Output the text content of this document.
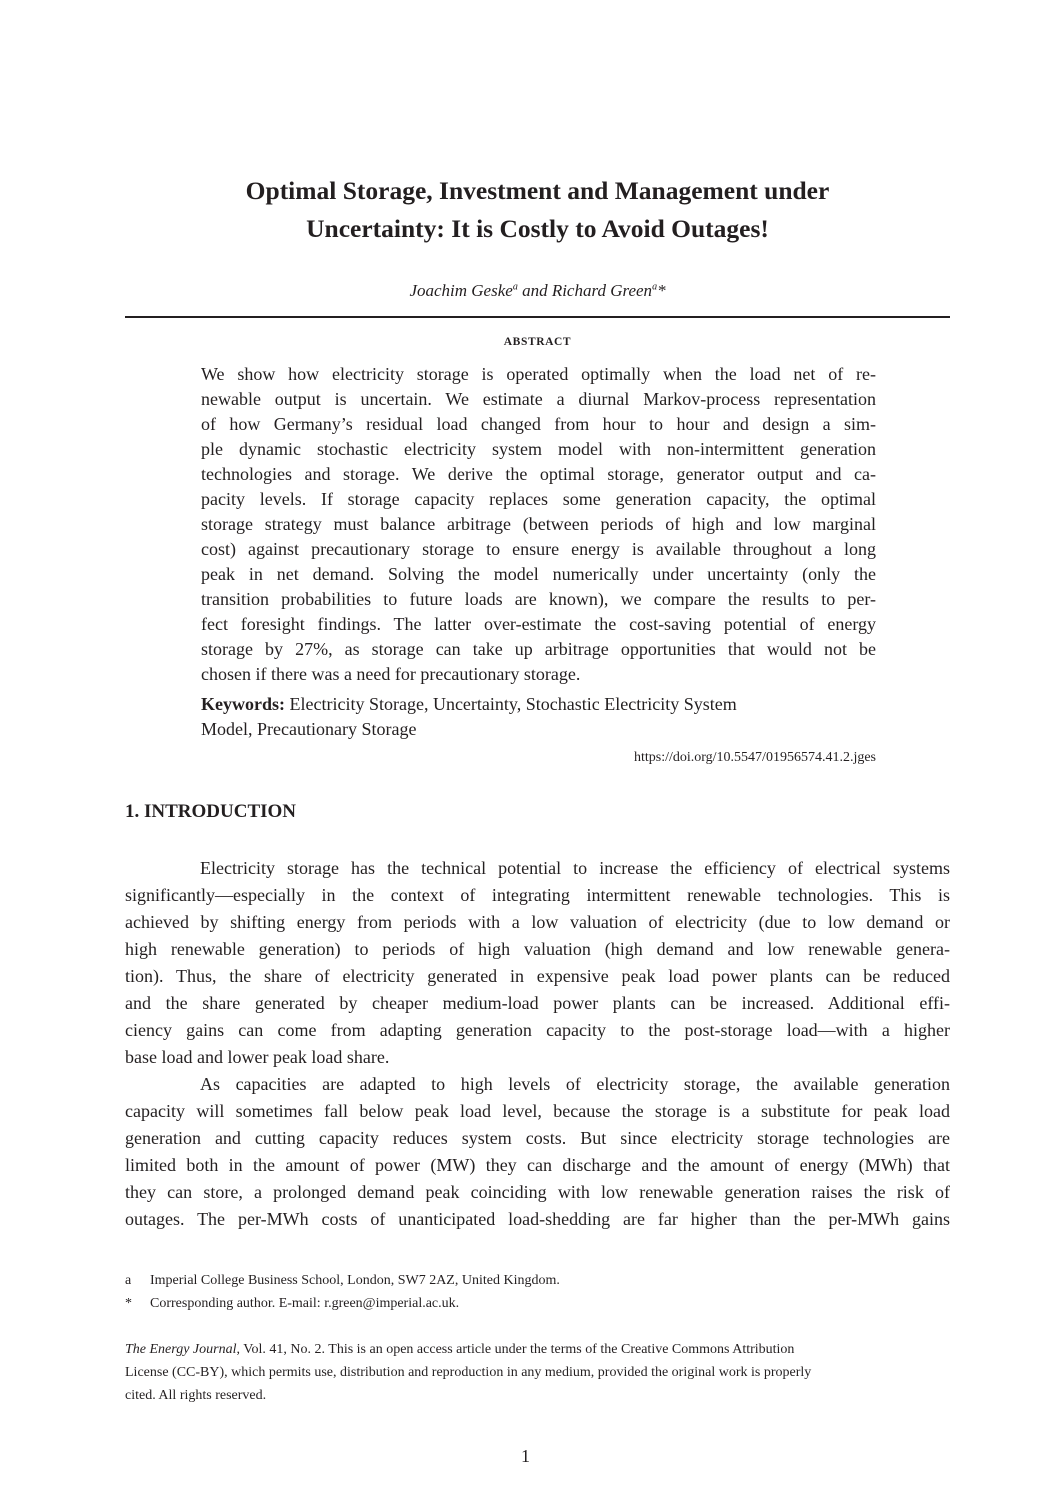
Optimal Storage, Investment and Management under
Uncertainty: It is Costly to Avoid Outages!
Joachim Geske$^a$ and Richard Green$^a$*
ABSTRACT
We show how electricity storage is operated optimally when the load net of re-
newable output is uncertain. We estimate a diurnal Markov-process representation
of how Germany’s residual load changed from hour to hour and design a sim-
ple dynamic stochastic electricity system model with non-intermittent generation
technologies and storage. We derive the optimal storage, generator output and ca-
pacity levels. If storage capacity replaces some generation capacity, the optimal
storage strategy must balance arbitrage (between periods of high and low marginal
cost) against precautionary storage to ensure energy is available throughout a long
peak in net demand. Solving the model numerically under uncertainty (only the
transition probabilities to future loads are known), we compare the results to per-
fect foresight findings. The latter over-estimate the cost-saving potential of energy
storage by 27%, as storage can take up arbitrage opportunities that would not be
chosen if there was a need for precautionary storage.
Keywords: Electricity Storage, Uncertainty, Stochastic Electricity System
Model, Precautionary Storage
https://doi.org/10.5547/01956574.41.2.jges
1. INTRODUCTION
Electricity storage has the technical potential to increase the efficiency of electrical systems
significantly—especially in the context of integrating intermittent renewable technologies. This is
achieved by shifting energy from periods with a low valuation of electricity (due to low demand or
high renewable generation) to periods of high valuation (high demand and low renewable genera-
tion). Thus, the share of electricity generated in expensive peak load power plants can be reduced
and the share generated by cheaper medium-load power plants can be increased. Additional effi-
ciency gains can come from adapting generation capacity to the post-storage load—with a higher
base load and lower peak load share.
As capacities are adapted to high levels of electricity storage, the available generation
capacity will sometimes fall below peak load level, because the storage is a substitute for peak load
generation and cutting capacity reduces system costs. But since electricity storage technologies are
limited both in the amount of power (MW) they can discharge and the amount of energy (MWh) that
they can store, a prolonged demand peak coinciding with low renewable generation raises the risk of
outages. The per-MWh costs of unanticipated load-shedding are far higher than the per-MWh gains
a Imperial College Business School, London, SW7 2AZ, United Kingdom.
* Corresponding author. E-mail: r.green@imperial.ac.uk.
The Energy Journal, Vol. 41, No. 2. This is an open access article under the terms of the Creative Commons Attribution
License (CC-BY), which permits use, distribution and reproduction in any medium, provided the original work is properly
cited. All rights reserved.
1
